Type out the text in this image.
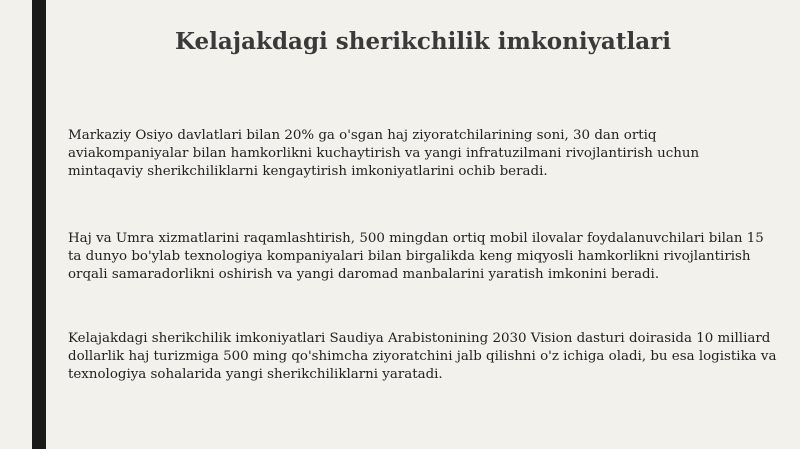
Kelajakdagi sherikchilik imkoniyatlari

Markaziy Osiyo davlatlari bilan 20% ga o'sgan haj ziyoratchilarining soni, 30 dan ortiq aviakompaniyalar bilan hamkorlikni kuchaytirish va yangi infratuzilmani rivojlantirish uchun mintaqaviy sherikchiliklarni kengaytirish imkoniyatlarini ochib beradi.

Haj va Umra xizmatlarini raqamlashtirish, 500 mingdan ortiq mobil ilovalar foydalanuvchilari bilan 15 ta dunyo bo'ylab texnologiya kompaniyalari bilan birgalikda keng miqyosli hamkorlikni rivojlantirish orqali samaradorlikni oshirish va yangi daromad manbalarini yaratish imkonini beradi.

Kelajakdagi sherikchilik imkoniyatlari Saudiya Arabistonining 2030 Vision dasturi doirasida 10 milliard dollarlik haj turizmiga 500 ming qo'shimcha ziyoratchini jalb qilishni o'z ichiga oladi, bu esa logistika va texnologiya sohalarida yangi sherikchiliklarni yaratadi.
